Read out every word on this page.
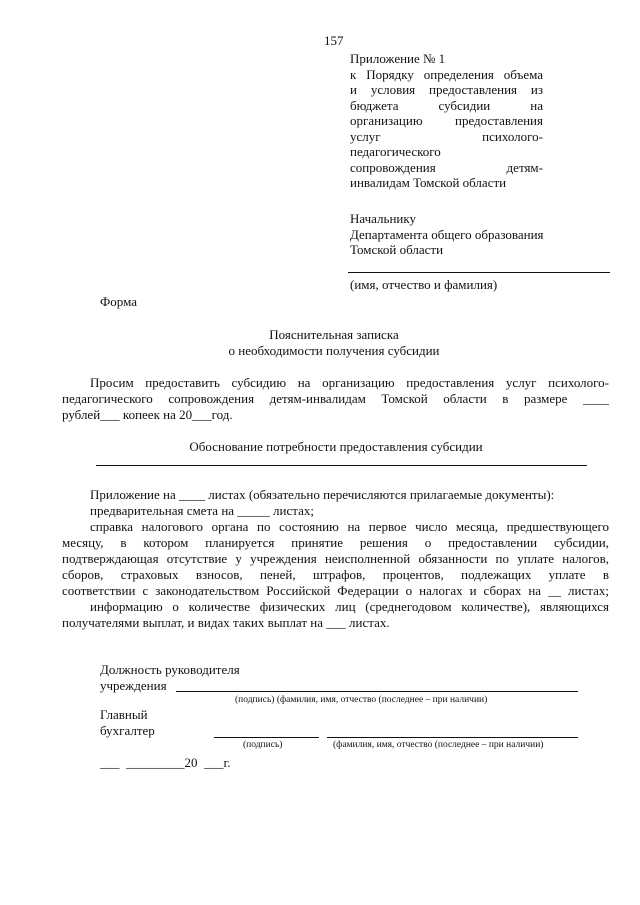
157
Приложение № 1
к Порядку определения объема
и условия предоставления из
бюджета субсидии на
организацию предоставления
услуг психолого-
педагогического
сопровождения детям-
инвалидам Томской области
Начальнику
Департамента общего образования
Томской области
(имя, отчество и фамилия)
Форма
Пояснительная записка
о необходимости получения субсидии
Просим предоставить субсидию на организацию предоставления услуг психолого-
педагогического сопровождения детям-инвалидам Томской области в размере ____
рублей___ копеек на 20___год.
Обоснование потребности предоставления субсидии
Приложение на ____ листах (обязательно перечисляются прилагаемые документы):
предварительная смета на _____ листах;
справка налогового органа по состоянию на первое число месяца, предшествующего
месяцу, в котором планируется принятие решения о предоставлении субсидии,
подтверждающая отсутствие у учреждения неисполненной обязанности по уплате налогов,
сборов, страховых взносов, пеней, штрафов, процентов, подлежащих уплате в
соответствии с законодательством Российской Федерации о налогах и сборах на __ листах;
информацию о количестве физических лиц (среднегодовом количестве), являющихся
получателями выплат, и видах таких выплат на ___ листах.
Должность руководителя
учреждения
(подпись) (фамилия, имя, отчество (последнее – при наличии)
Главный
бухгалтер
(подпись)	(фамилия, имя, отчество (последнее – при наличии)
___  _________20  ___г.
